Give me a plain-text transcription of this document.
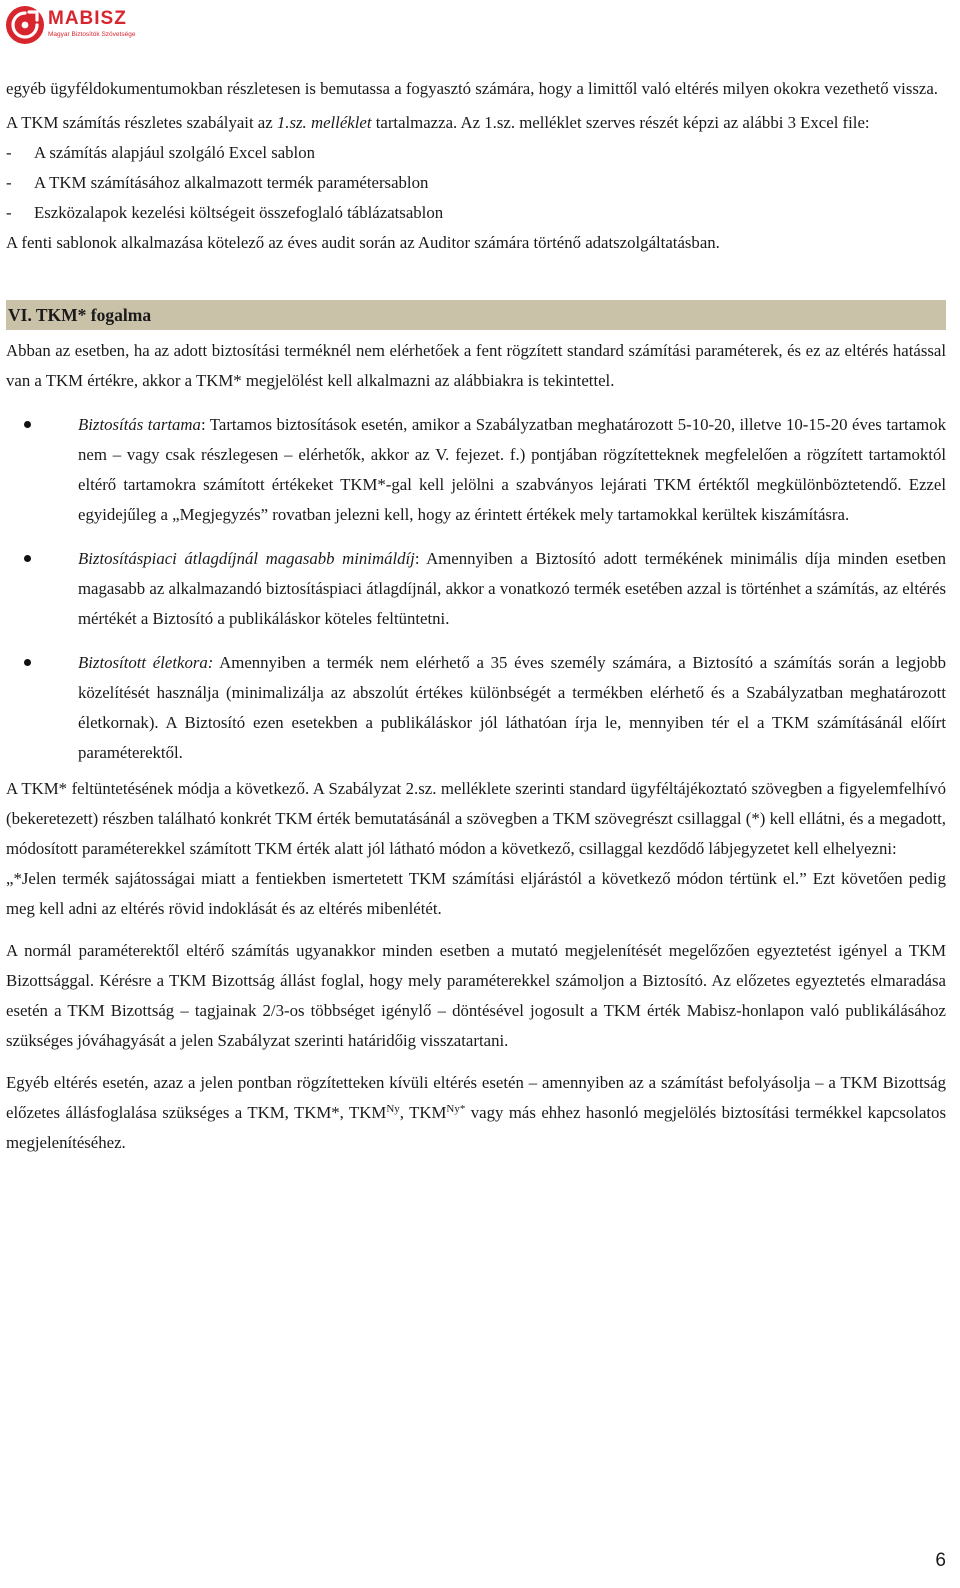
MABISZ
Magyar Biztosítók Szövetsége

egyéb ügyféldokumentumokban részletesen is bemutassa a fogyasztó számára, hogy a limittől való eltérés milyen okokra vezethető vissza.

A TKM számítás részletes szabályait az 1.sz. melléklet tartalmazza. Az 1.sz. melléklet szerves részét képzi az alábbi 3 Excel file:

- A számítás alapjául szolgáló Excel sablon

- A TKM számításához alkalmazott termék paramétersablon

- Eszközalapok kezelési költségeit összefoglaló táblázatsablon

A fenti sablonok alkalmazása kötelező az éves audit során az Auditor számára történő adatszolgáltatásban.

VI. TKM* fogalma

Abban az esetben, ha az adott biztosítási terméknél nem elérhetőek a fent rögzített standard számítási paraméterek, és ez az eltérés hatással van a TKM értékre, akkor a TKM* megjelölést kell alkalmazni az alábbiakra is tekintettel.

Biztosítás tartama: Tartamos biztosítások esetén, amikor a Szabályzatban meghatározott 5-10-20, illetve 10-15-20 éves tartamok nem – vagy csak részlegesen – elérhetők, akkor az V. fejezet. f.) pontjában rögzítetteknek megfelelően a rögzített tartamoktól eltérő tartamokra számított értékeket TKM*-gal kell jelölni a szabványos lejárati TKM értéktől megkülönböztetendő. Ezzel egyidejűleg a „Megjegyzés” rovatban jelezni kell, hogy az érintett értékek mely tartamokkal kerültek kiszámításra.
Biztosításpiaci átlagdíjnál magasabb minimáldíj: Amennyiben a Biztosító adott termékének minimális díja minden esetben magasabb az alkalmazandó biztosításpiaci átlagdíjnál, akkor a vonatkozó termék esetében azzal is történhet a számítás, az eltérés mértékét a Biztosító a publikáláskor köteles feltüntetni.
Biztosított életkora: Amennyiben a termék nem elérhető a 35 éves személy számára, a Biztosító a számítás során a legjobb közelítését használja (minimalizálja az abszolút értékes különbségét a termékben elérhető és a Szabályzatban meghatározott életkornak). A Biztosító ezen esetekben a publikáláskor jól láthatóan írja le, mennyiben tér el a TKM számításánál előírt paraméterektől.

A TKM* feltüntetésének módja a következő. A Szabályzat 2.sz. melléklete szerinti standard ügyféltájékoztató szövegben a figyelemfelhívó (bekeretezett) részben található konkrét TKM érték bemutatásánál a szövegben a TKM szövegrészt csillaggal (*) kell ellátni, és a megadott, módosított paraméterekkel számított TKM érték alatt jól látható módon a következő, csillaggal kezdődő lábjegyzetet kell elhelyezni:

„*Jelen termék sajátosságai miatt a fentiekben ismertetett TKM számítási eljárástól a következő módon tértünk el.” Ezt követően pedig meg kell adni az eltérés rövid indoklását és az eltérés mibenlétét.

A normál paraméterektől eltérő számítás ugyanakkor minden esetben a mutató megjelenítését megelőzően egyeztetést igényel a TKM Bizottsággal. Kérésre a TKM Bizottság állást foglal, hogy mely paraméterekkel számoljon a Biztosító. Az előzetes egyeztetés elmaradása esetén a TKM Bizottság – tagjainak 2/3-os többséget igénylő – döntésével jogosult a TKM érték Mabisz-honlapon való publikálásához szükséges jóváhagyását a jelen Szabályzat szerinti határidőig visszatartani.

Egyéb eltérés esetén, azaz a jelen pontban rögzítetteken kívüli eltérés esetén – amennyiben az a számítást befolyásolja – a TKM Bizottság előzetes állásfoglalása szükséges a TKM, TKM*, $TKM^{Ny}$, $TKM^{Ny*}$ vagy más ehhez hasonló megjelölés biztosítási termékkel kapcsolatos megjelenítéséhez.

6
